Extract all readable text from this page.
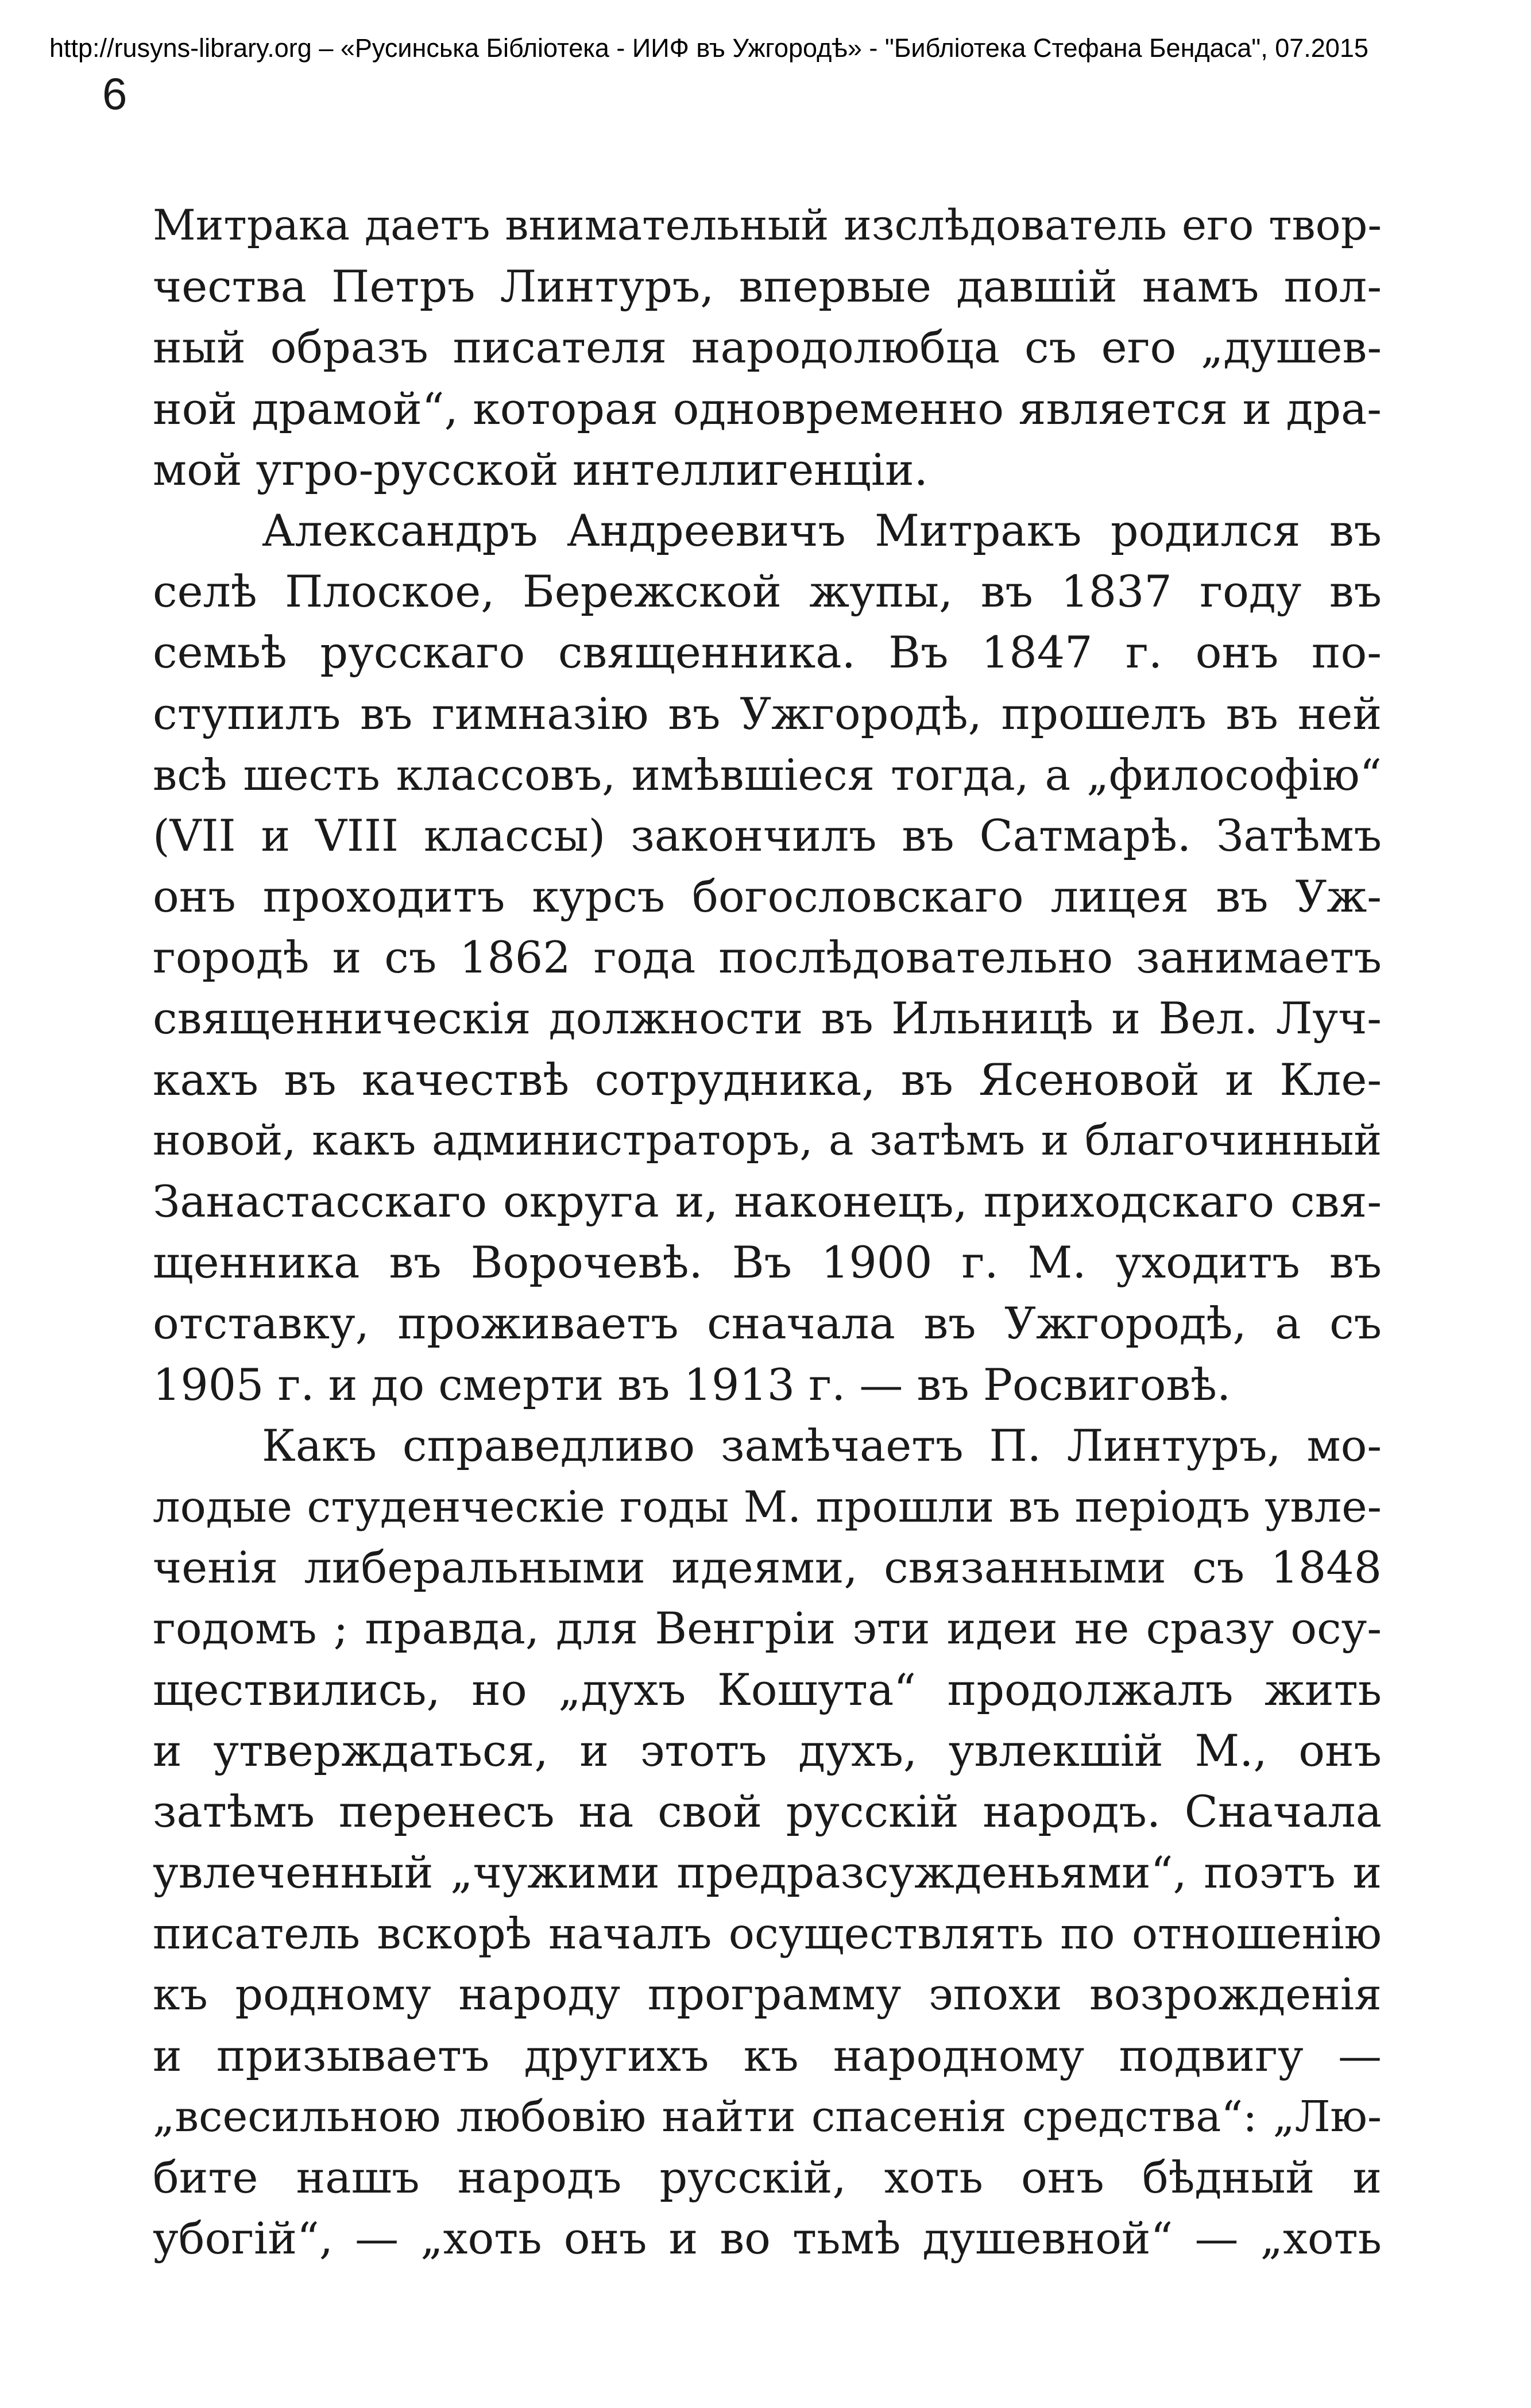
http://rusyns-library.org – «Русинська Бібліотека - ИИФ въ Ужгородѣ» - "Библіотека Стефана Бендаса", 07.2015
6
Митрака даетъ внимательный изслѣдователь его твор-
чества Петръ Линтуръ, впервые давшій намъ пол-
ный образъ писателя народолюбца съ его „душев-
ной драмой“, которая одновременно является и дра-
мой угро-русской интеллигенціи.
Александръ Андреевичъ Митракъ родился въ
селѣ Плоское, Бережской жупы, въ 1837 году въ
семьѣ русскаго священника. Въ 1847 г. онъ по-
ступилъ въ гимназію въ Ужгородѣ, прошелъ въ ней
всѣ шесть классовъ, имѣвшіеся тогда, а „философію“
(VII и VIII классы) закончилъ въ Сатмарѣ. Затѣмъ
онъ проходитъ курсъ богословскаго лицея въ Уж-
городѣ и съ 1862 года послѣдовательно занимаетъ
священническія должности въ Ильницѣ и Вел. Луч-
кахъ въ качествѣ сотрудника, въ Ясеновой и Кле-
новой, какъ администраторъ, а затѣмъ и благочинный
Занастасскаго округа и, наконецъ, приходскаго свя-
щенника въ Ворочевѣ. Въ 1900 г. М. уходитъ въ
отставку, проживаетъ сначала въ Ужгородѣ, а съ
1905 г. и до смерти въ 1913 г. — въ Росвиговѣ.
Какъ справедливо замѣчаетъ П. Линтуръ, мо-
лодые студенческіе годы М. прошли въ періодъ увле-
ченія либеральными идеями, связанными съ 1848
годомъ ; правда, для Венгріи эти идеи не сразу осу-
ществились, но „духъ Кошута“ продолжалъ жить
и утверждаться, и этотъ духъ, увлекшій М., онъ
затѣмъ перенесъ на свой русскій народъ. Сначала
увлеченный „чужими предразсужденьями“, поэтъ и
писатель вскорѣ началъ осуществлять по отношенію
къ родному народу программу эпохи возрожденія
и призываетъ другихъ къ народному подвигу —
„всесильною любовію найти спасенія средства“: „Лю-
бите нашъ народъ русскій, хоть онъ бѣдный и
убогій“, — „хоть онъ и во тьмѣ душевной“ — „хоть
